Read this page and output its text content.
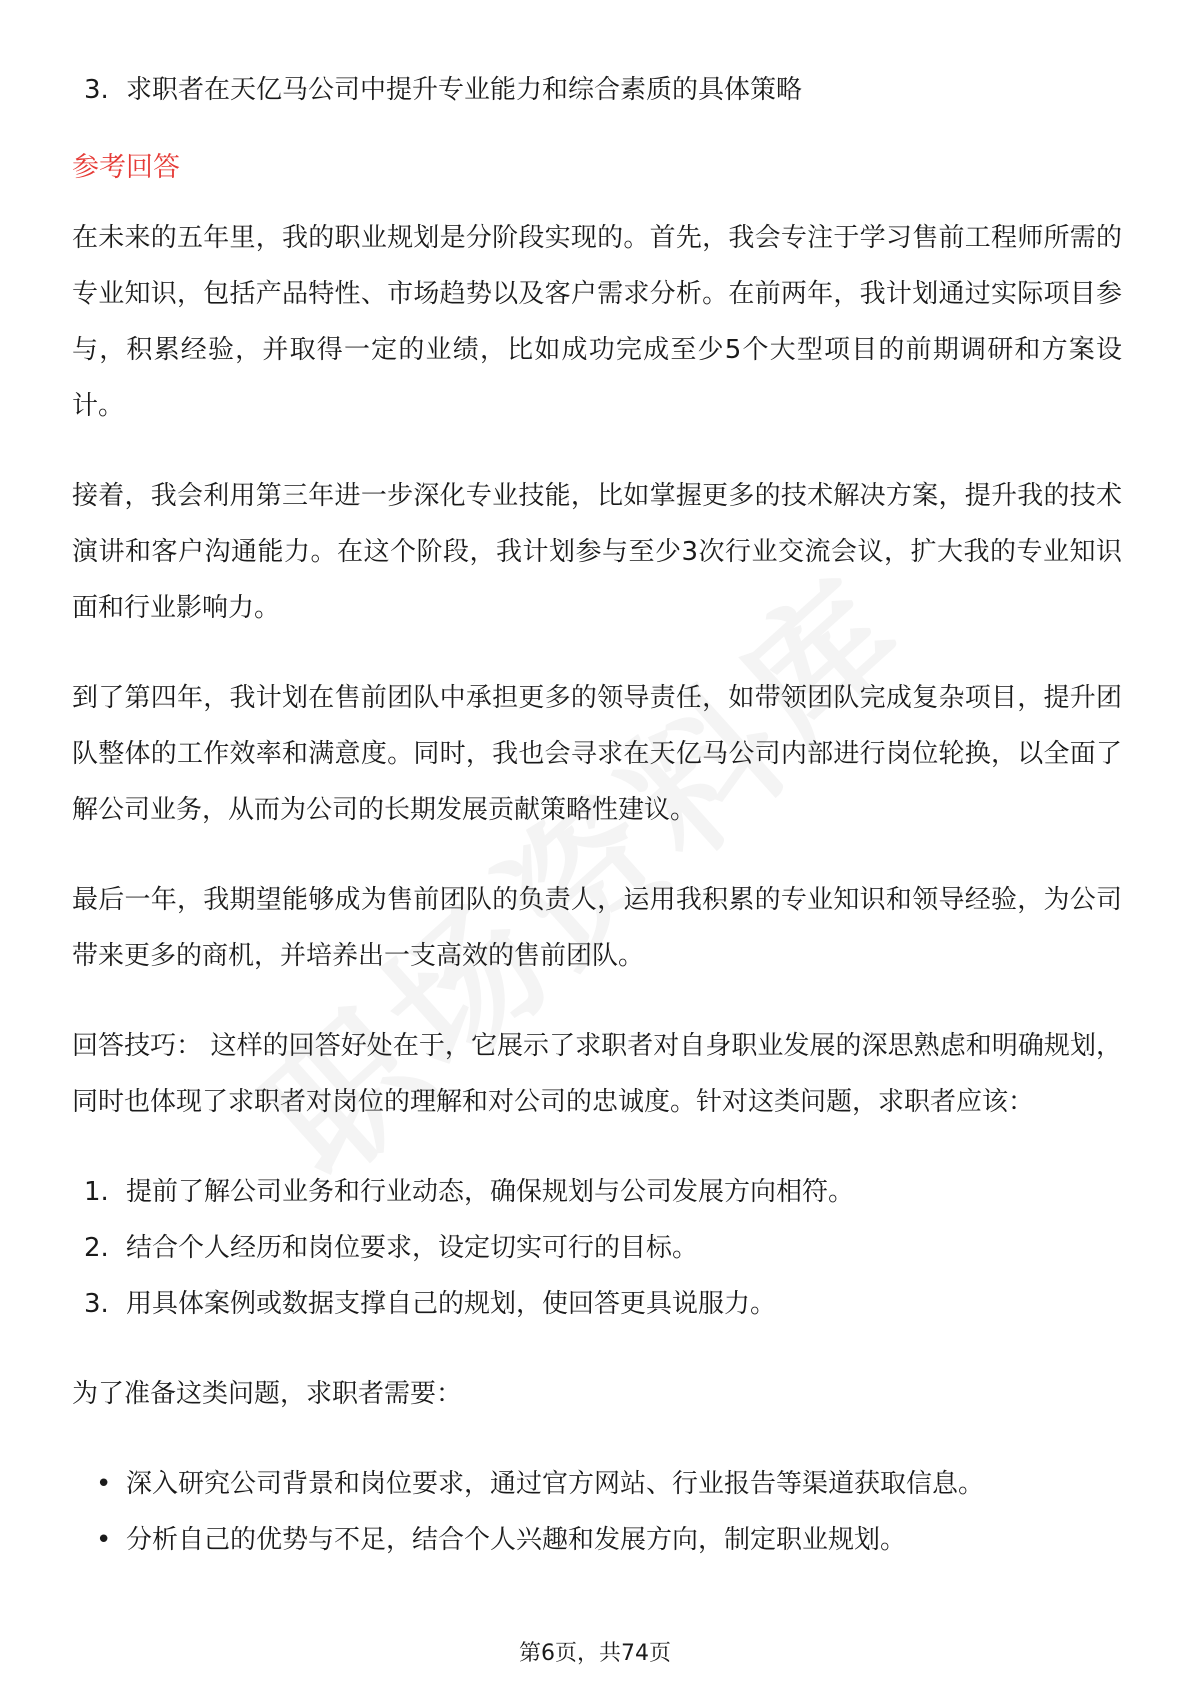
3. 求职者在天亿马公司中提升专业能力和综合素质的具体策略
参考回答

在未来的五年里，我的职业规划是分阶段实现的。首先，我会专注于学习售前工程师所需的专业知识，包括产品特性、市场趋势以及客户需求分析。在前两年，我计划通过实际项目参与，积累经验，并取得一定的业绩，比如成功完成至少5个大型项目的前期调研和方案设计。

接着，我会利用第三年进一步深化专业技能，比如掌握更多的技术解决方案，提升我的技术演讲和客户沟通能力。在这个阶段，我计划参与至少3次行业交流会议，扩大我的专业知识面和行业影响力。

到了第四年，我计划在售前团队中承担更多的领导责任，如带领团队完成复杂项目，提升团队整体的工作效率和满意度。同时，我也会寻求在天亿马公司内部进行岗位轮换，以全面了解公司业务，从而为公司的长期发展贡献策略性建议。

最后一年，我期望能够成为售前团队的负责人，运用我积累的专业知识和领导经验，为公司带来更多的商机，并培养出一支高效的售前团队。

回答技巧： 这样的回答好处在于，它展示了求职者对自身职业发展的深思熟虑和明确规划，同时也体现了求职者对岗位的理解和对公司的忠诚度。针对这类问题，求职者应该：

1. 提前了解公司业务和行业动态，确保规划与公司发展方向相符。
2. 结合个人经历和岗位要求，设定切实可行的目标。
3. 用具体案例或数据支撑自己的规划，使回答更具说服力。

为了准备这类问题，求职者需要：

• 深入研究公司背景和岗位要求，通过官方网站、行业报告等渠道获取信息。
• 分析自己的优势与不足，结合个人兴趣和发展方向，制定职业规划。
第6页，共74页
